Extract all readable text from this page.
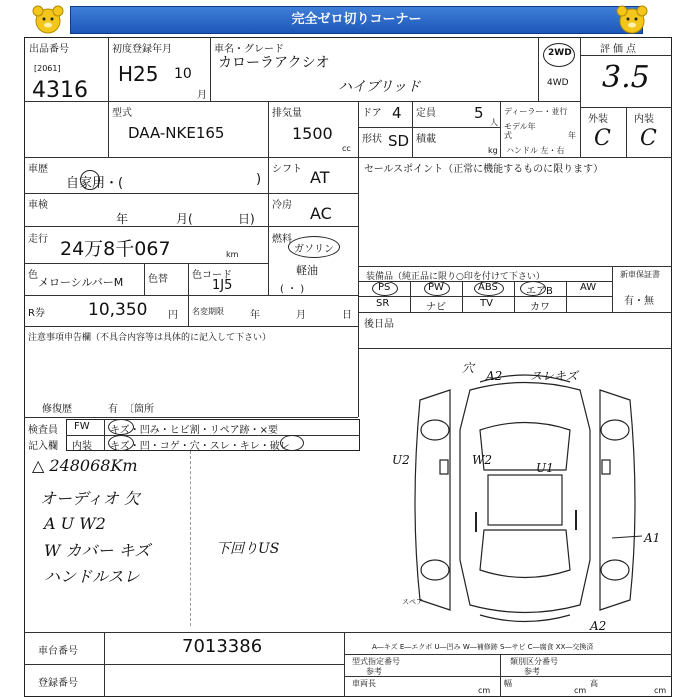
完全ゼロ切りコーナー
出品番号
[2061]
4316
初度登録年月
H25 10
月
車名・グレード
カローラアクシオ
ハイブリッド
2WD
4WD
評価点
3.5
外装	内装
C C
型式
DAA-NKE165
排気量
1500
cc
ドア 4 定員	5
人
形状 SD 積載
kg
ディーラー・並行
モデル年式	年
ハンドル 左・右
車歴
自家用・(	)
シフト AT
車検
年	月(	日)
冷房 AC
走行 24万8千067	km
燃料
ガソリン
軽油
( ・ )
色
メローシルバーM 色替 色コード
1J5
R券	10,350 円 名変期限	年	月	日
注意事項申告欄（不具合内容等は具体的に記入して下さい）
修復歴	有 〔箇所
セールスポイント（正常に機能するものに限ります）
装備品（純正品に限り○印を付けて下さい）	新車保証書
有・無
PS	PW	ABS	エアB	AW
SR	ナビ	TV	カワ
後日品
検査員
記入欄
FW キズ・凹み・ヒビ割・リペア跡・×要
内装 キズ・凹・コゲ・穴・スレ・キレ・破レ
△ 248068Km
オーディオ 欠
A U W2
W カバー キズ
ハンドルスレ
下回りUS
穴
A2 スレキズ
U2	W2
U1
A1
A2
スペア
車台番号	7013386
登録番号
A―キズ E―エクボ U―凹み W―補修跡 S―サビ C―腐食 XX―交換済
型式指定番号
参考
類別区分番号
参考
車両長
cm
幅
cm
高
cm
